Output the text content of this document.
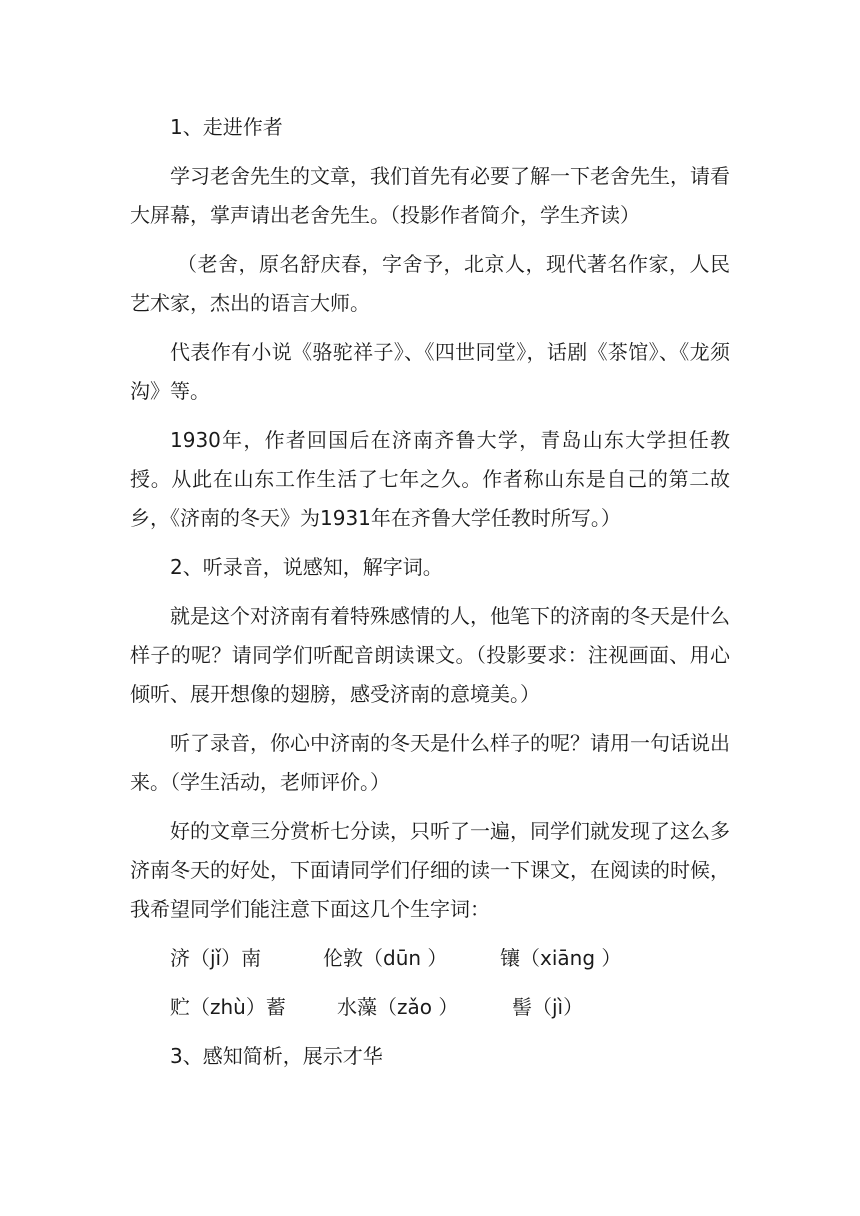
1、走进作者

学习老舍先生的文章，我们首先有必要了解一下老舍先生，请看大屏幕，掌声请出老舍先生。（投影作者简介，学生齐读）

（老舍，原名舒庆春，字舍予，北京人，现代著名作家，人民艺术家，杰出的语言大师。

代表作有小说《骆驼祥子》、《四世同堂》，话剧《茶馆》、《龙须沟》等。

1930年，作者回国后在济南齐鲁大学，青岛山东大学担任教授。从此在山东工作生活了七年之久。作者称山东是自己的第二故乡，《济南的冬天》为1931年在齐鲁大学任教时所写。）

2、听录音，说感知，解字词。

就是这个对济南有着特殊感情的人，他笔下的济南的冬天是什么样子的呢？请同学们听配音朗读课文。（投影要求：注视画面、用心倾听、展开想像的翅膀，感受济南的意境美。）

听了录音，你心中济南的冬天是什么样子的呢？请用一句话说出来。（学生活动，老师评价。）

好的文章三分赏析七分读，只听了一遍，同学们就发现了这么多济南冬天的好处，下面请同学们仔细的读一下课文，在阅读的时候，我希望同学们能注意下面这几个生字词：

济（jǐ）南	伦敦（dūn ）	镶（xiāng ）
贮（zhù）蓄	水藻（zǎo ）	髻（jì）

3、感知简析，展示才华
